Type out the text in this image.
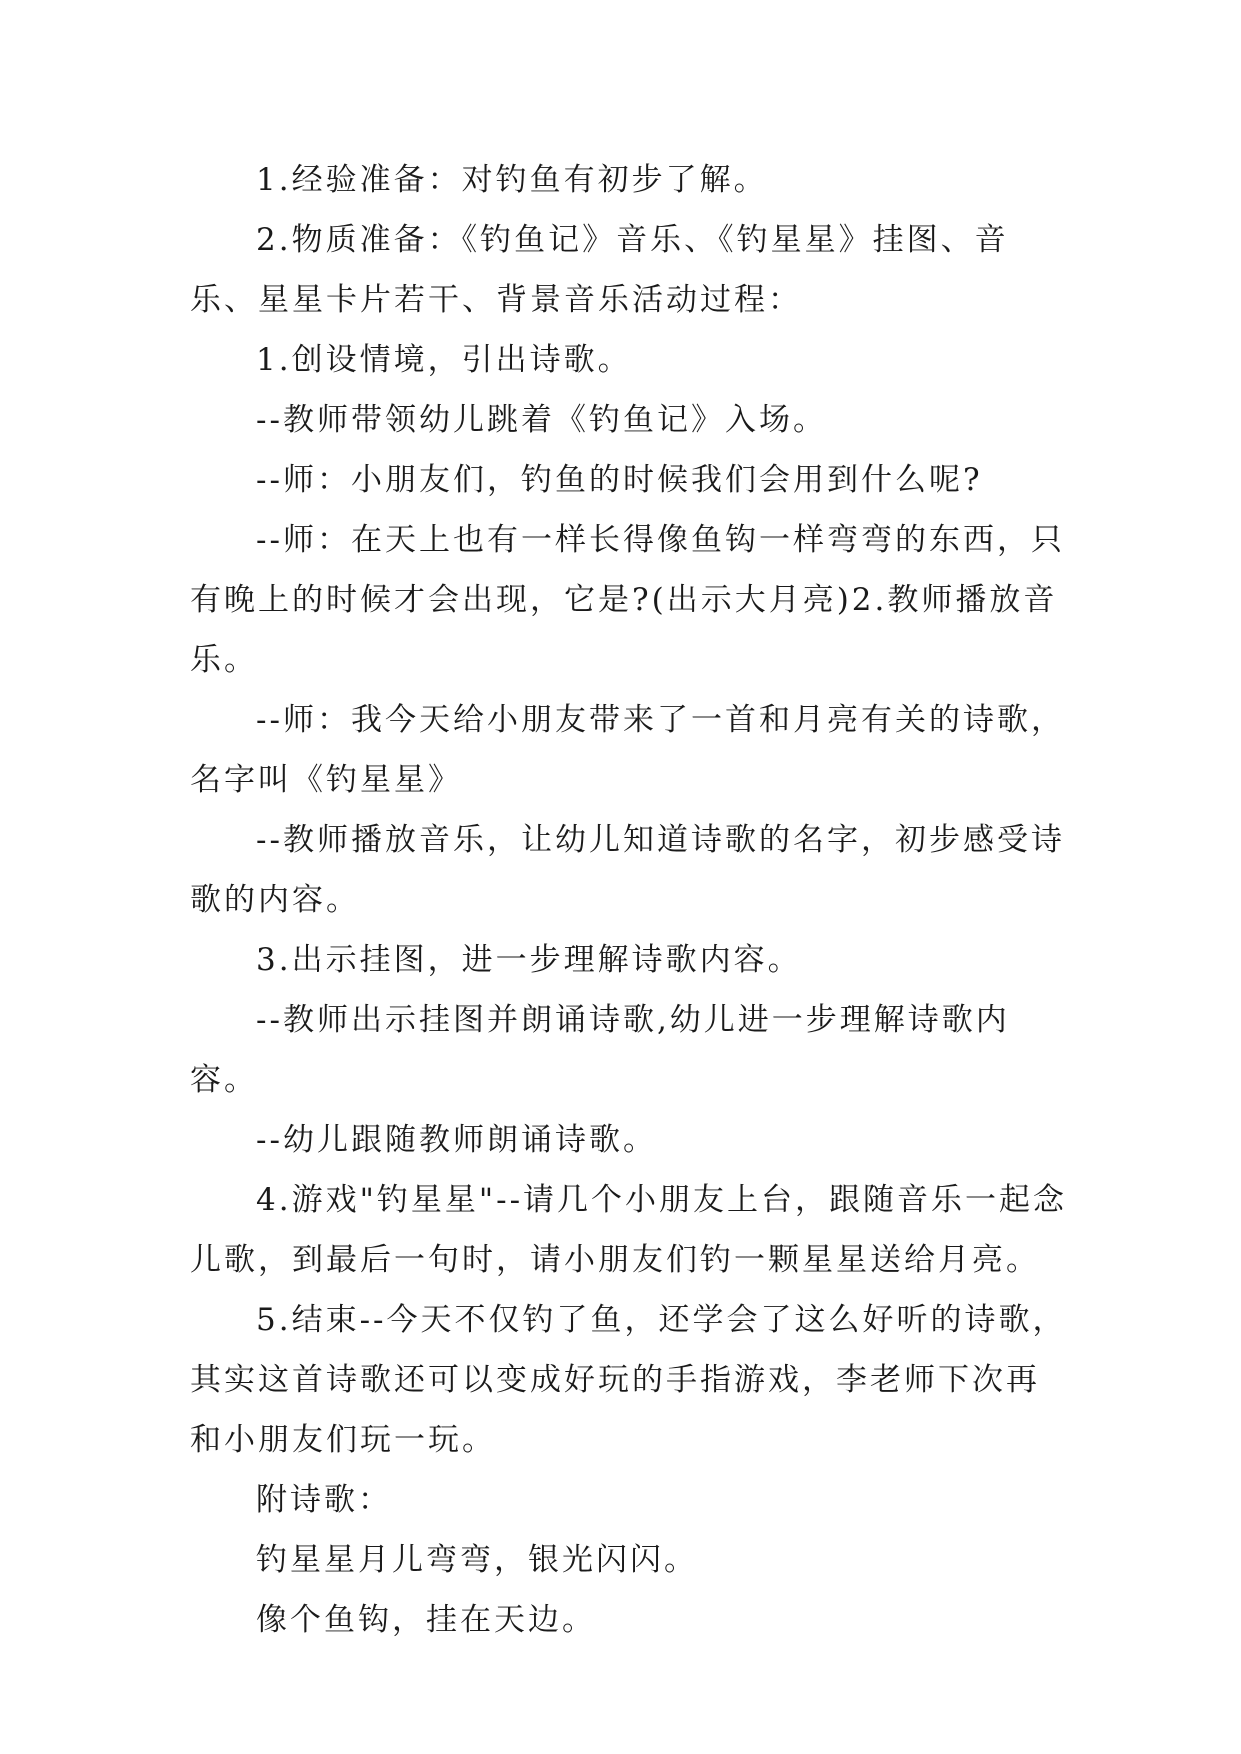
1.经验准备：对钓鱼有初步了解。

2.物质准备：《钓鱼记》音乐、《钓星星》挂图、音乐、星星卡片若干、背景音乐活动过程：

1.创设情境，引出诗歌。

--教师带领幼儿跳着《钓鱼记》入场。

--师：小朋友们，钓鱼的时候我们会用到什么呢?

--师：在天上也有一样长得像鱼钩一样弯弯的东西，只有晚上的时候才会出现，它是?(出示大月亮)2.教师播放音乐。

--师：我今天给小朋友带来了一首和月亮有关的诗歌，名字叫《钓星星》

--教师播放音乐，让幼儿知道诗歌的名字，初步感受诗歌的内容。

3.出示挂图，进一步理解诗歌内容。

--教师出示挂图并朗诵诗歌,幼儿进一步理解诗歌内容。

--幼儿跟随教师朗诵诗歌。

4.游戏"钓星星"--请几个小朋友上台，跟随音乐一起念儿歌，到最后一句时，请小朋友们钓一颗星星送给月亮。

5.结束--今天不仅钓了鱼，还学会了这么好听的诗歌，其实这首诗歌还可以变成好玩的手指游戏，李老师下次再和小朋友们玩一玩。

附诗歌：

钓星星月儿弯弯，银光闪闪。

像个鱼钩，挂在天边。
